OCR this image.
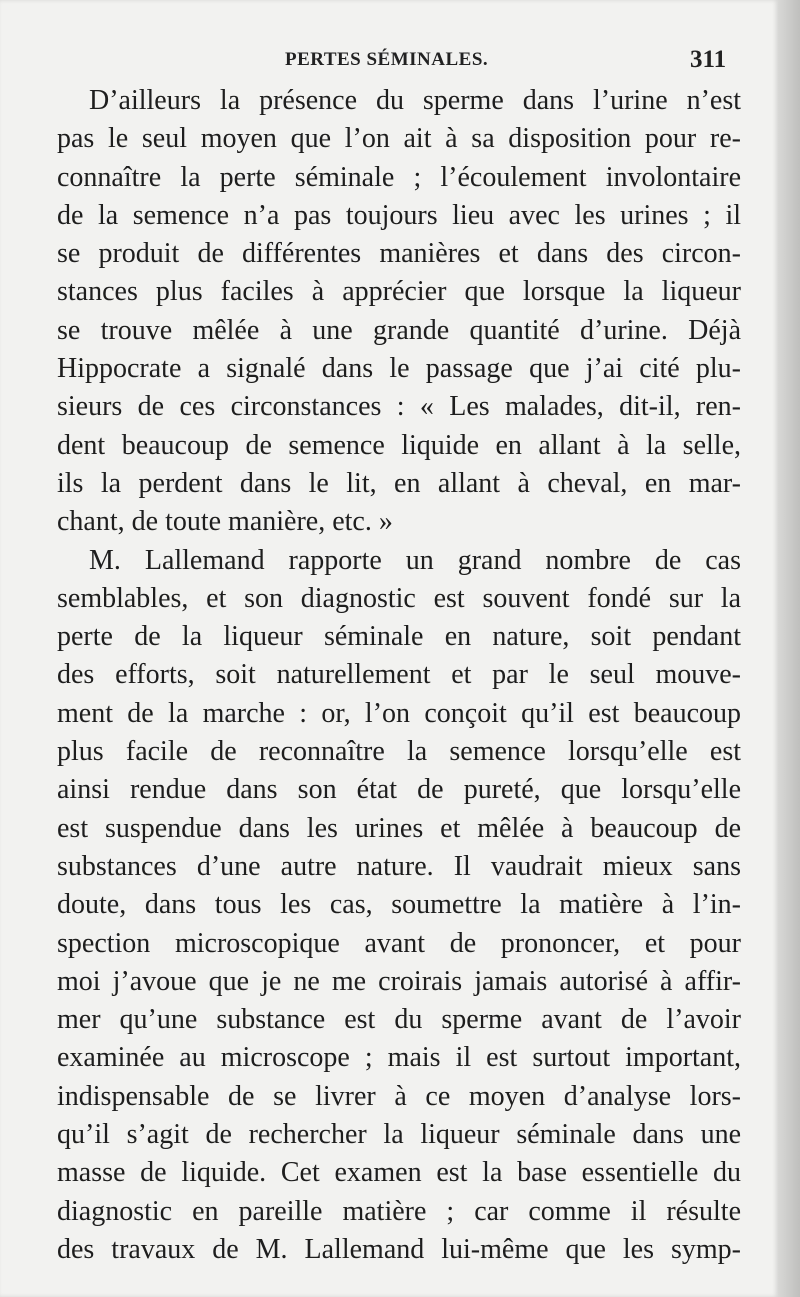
PERTES SÉMINALES.	311
D’ailleurs la présence du sperme dans l’urine n’est
pas le seul moyen que l’on ait à sa disposition pour re-
connaître la perte séminale ; l’écoulement involontaire
de la semence n’a pas toujours lieu avec les urines ; il
se produit de différentes manières et dans des circon-
stances plus faciles à apprécier que lorsque la liqueur
se trouve mêlée à une grande quantité d’urine. Déjà
Hippocrate a signalé dans le passage que j’ai cité plu-
sieurs de ces circonstances : « Les malades, dit-il, ren-
dent beaucoup de semence liquide en allant à la selle,
ils la perdent dans le lit, en allant à cheval, en mar-
chant, de toute manière, etc. »
M. Lallemand rapporte un grand nombre de cas
semblables, et son diagnostic est souvent fondé sur la
perte de la liqueur séminale en nature, soit pendant
des efforts, soit naturellement et par le seul mouve-
ment de la marche : or, l’on conçoit qu’il est beaucoup
plus facile de reconnaître la semence lorsqu’elle est
ainsi rendue dans son état de pureté, que lorsqu’elle
est suspendue dans les urines et mêlée à beaucoup de
substances d’une autre nature. Il vaudrait mieux sans
doute, dans tous les cas, soumettre la matière à l’in-
spection microscopique avant de prononcer, et pour
moi j’avoue que je ne me croirais jamais autorisé à affir-
mer qu’une substance est du sperme avant de l’avoir
examinée au microscope ; mais il est surtout important,
indispensable de se livrer à ce moyen d’analyse lors-
qu’il s’agit de rechercher la liqueur séminale dans une
masse de liquide. Cet examen est la base essentielle du
diagnostic en pareille matière ; car comme il résulte
des travaux de M. Lallemand lui-même que les symp-
